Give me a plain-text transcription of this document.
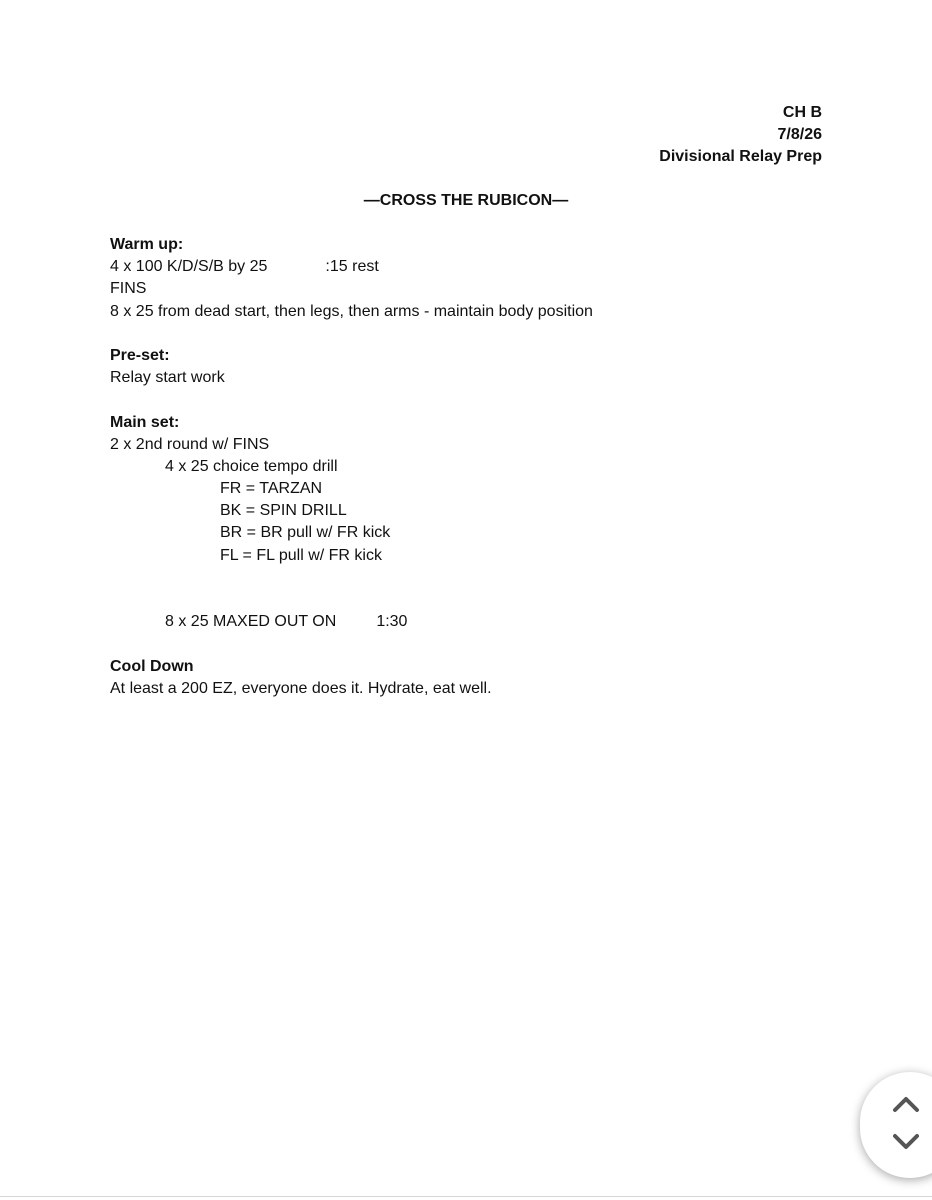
CH B
7/8/26
Divisional Relay Prep
—CROSS THE RUBICON—
Warm up:
4 x 100 K/D/S/B by 25	:15 rest
FINS
8 x 25 from dead start, then legs, then arms - maintain body position
Pre-set:
Relay start work
Main set:
2 x 2nd round w/ FINS
4 x 25 choice tempo drill
FR = TARZAN
BK = SPIN DRILL
BR = BR pull w/ FR kick
FL = FL pull w/ FR kick
8 x 25 MAXED OUT ON	1:30
Cool Down
At least a 200 EZ, everyone does it. Hydrate, eat well.
